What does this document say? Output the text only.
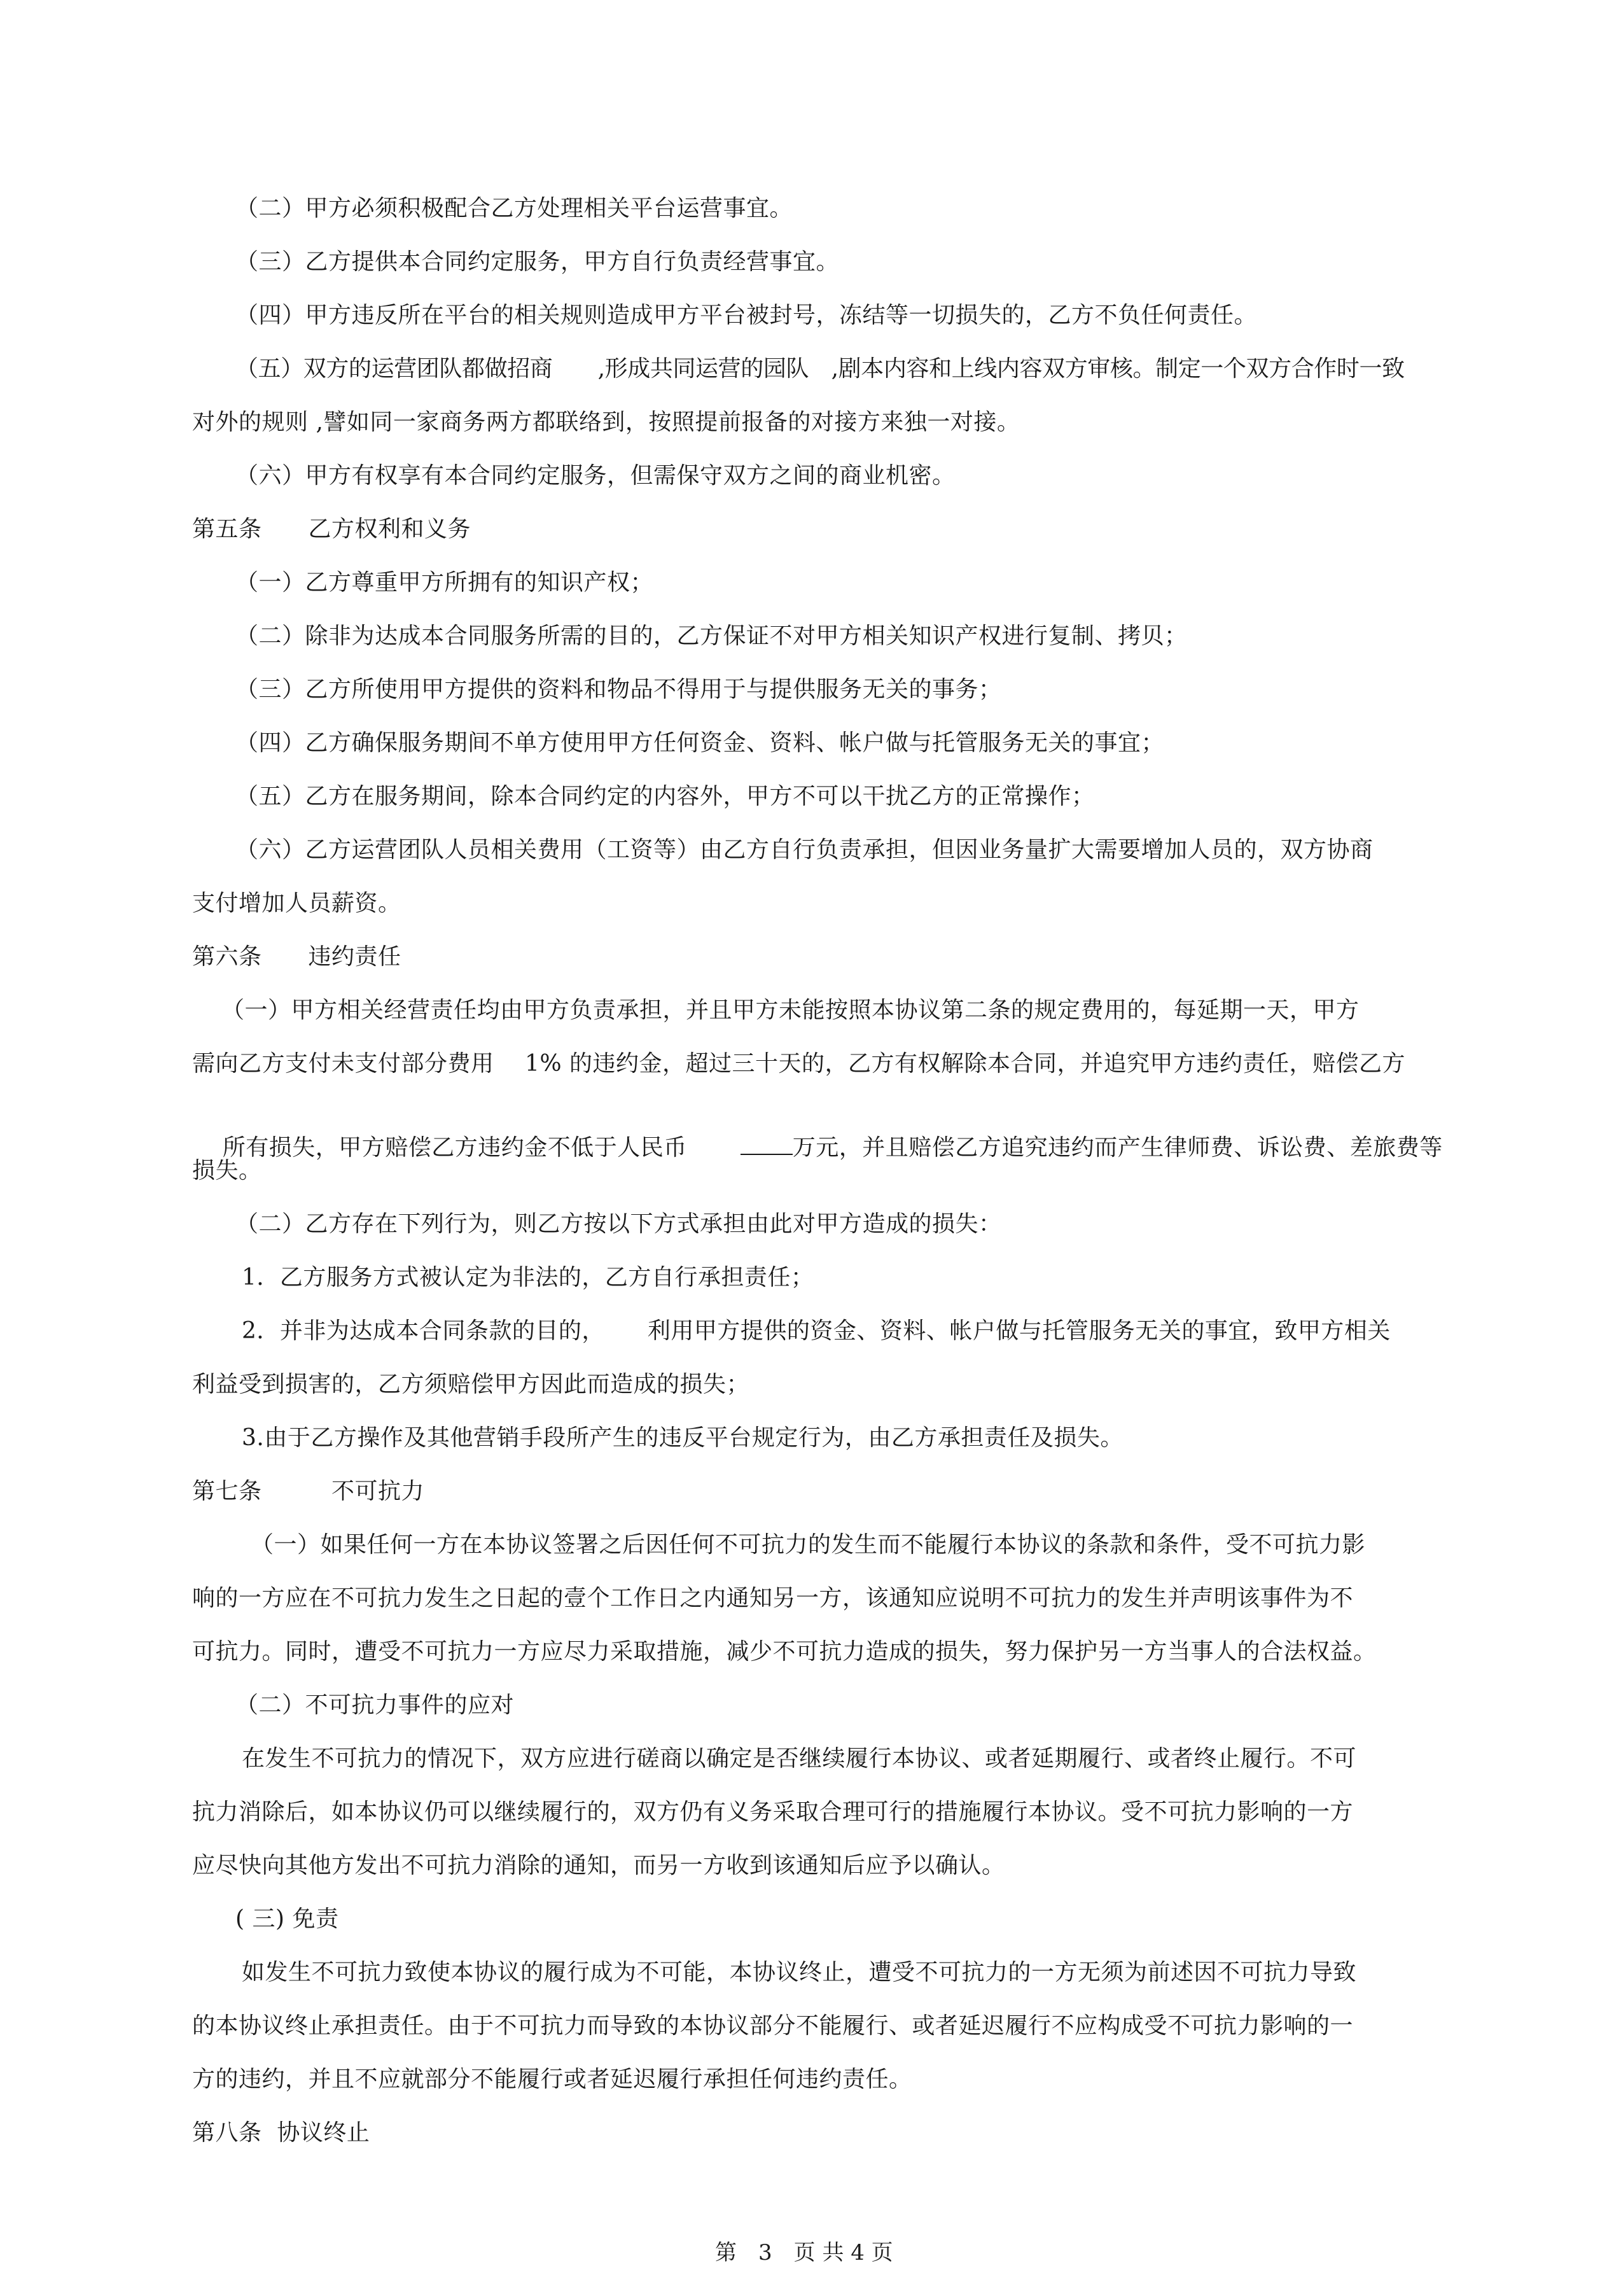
（二）甲方必须积极配合乙方处理相关平台运营事宜。

（三）乙方提供本合同约定服务，甲方自行负责经营事宜。

（四）甲方违反所在平台的相关规则造成甲方平台被封号，冻结等一切损失的，乙方不负任何责任。

（五）双方的运营团队都做招商　　,形成共同运营的园队　,剧本内容和上线内容双方审核。制定一个双方合作时一致

对外的规则 ,譬如同一家商务两方都联络到，按照提前报备的对接方来独一对接。

（六）甲方有权享有本合同约定服务，但需保守双方之间的商业机密。

第五条　　乙方权利和义务

（一）乙方尊重甲方所拥有的知识产权；

（二）除非为达成本合同服务所需的目的，乙方保证不对甲方相关知识产权进行复制、拷贝；

（三）乙方所使用甲方提供的资料和物品不得用于与提供服务无关的事务；

（四）乙方确保服务期间不单方使用甲方任何资金、资料、帐户做与托管服务无关的事宜；

（五）乙方在服务期间，除本合同约定的内容外，甲方不可以干扰乙方的正常操作；

（六）乙方运营团队人员相关费用（工资等）由乙方自行负责承担，但因业务量扩大需要增加人员的，双方协商

支付增加人员薪资。

第六条　　违约责任

（一）甲方相关经营责任均由甲方负责承担，并且甲方未能按照本协议第二条的规定费用的，每延期一天，甲方

需向乙方支付未支付部分费用　 1% 的违约金，超过三十天的，乙方有权解除本合同，并追究甲方违约责任，赔偿乙方

所有损失，甲方赔偿乙方违约金不低于人民币	万元，并且赔偿乙方追究违约而产生律师费、诉讼费、差旅费等

损失。

（二）乙方存在下列行为，则乙方按以下方式承担由此对甲方造成的损失：

1．乙方服务方式被认定为非法的，乙方自行承担责任；

2．并非为达成本合同条款的目的，　　 利用甲方提供的资金、资料、帐户做与托管服务无关的事宜，致甲方相关

利益受到损害的，乙方须赔偿甲方因此而造成的损失；

3.由于乙方操作及其他营销手段所产生的违反平台规定行为，由乙方承担责任及损失。

第七条　　　不可抗力

（一）如果任何一方在本协议签署之后因任何不可抗力的发生而不能履行本协议的条款和条件，受不可抗力影

响的一方应在不可抗力发生之日起的壹个工作日之内通知另一方，该通知应说明不可抗力的发生并声明该事件为不

可抗力。同时，遭受不可抗力一方应尽力采取措施，减少不可抗力造成的损失，努力保护另一方当事人的合法权益。

（二）不可抗力事件的应对

在发生不可抗力的情况下，双方应进行磋商以确定是否继续履行本协议、或者延期履行、或者终止履行。不可

抗力消除后，如本协议仍可以继续履行的，双方仍有义务采取合理可行的措施履行本协议。受不可抗力影响的一方

应尽快向其他方发出不可抗力消除的通知，而另一方收到该通知后应予以确认。

( 三) 免责

如发生不可抗力致使本协议的履行成为不可能，本协议终止，遭受不可抗力的一方无须为前述因不可抗力导致

的本协议终止承担责任。由于不可抗力而导致的本协议部分不能履行、或者延迟履行不应构成受不可抗力影响的一

方的违约，并且不应就部分不能履行或者延迟履行承担任何违约责任。

第八条  协议终止

第　3　页 共 4 页
